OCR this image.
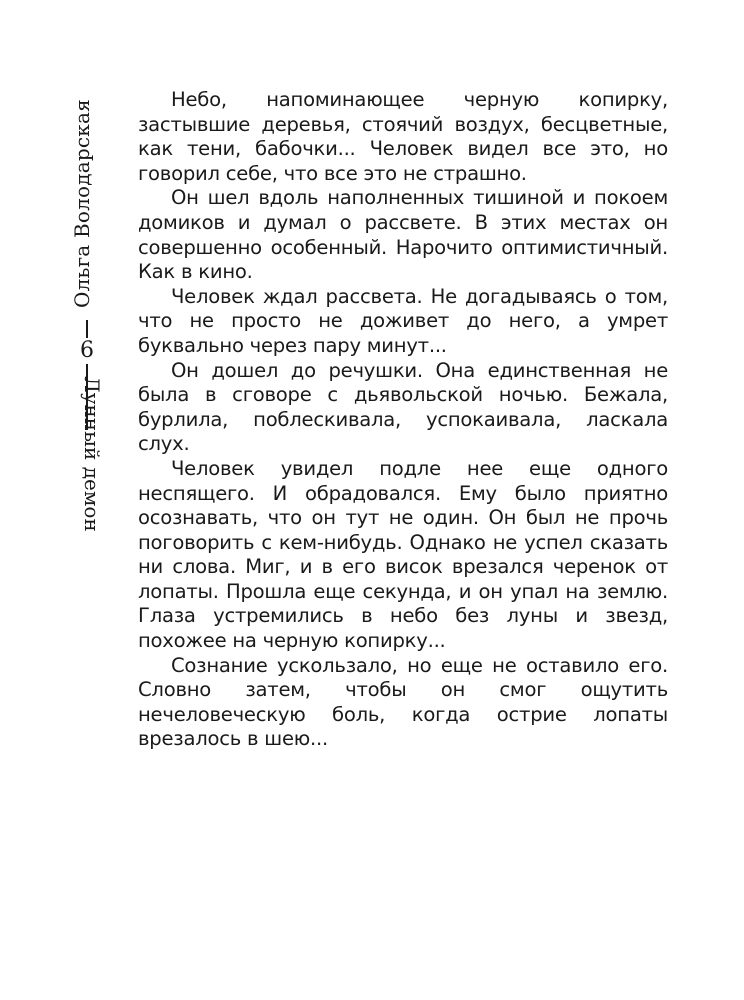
Ольга Володарская
6
Лунный демон

Небо, напоминающее черную копирку, застывшие деревья, стоячий воздух, бесцветные, как тени, бабочки... Человек видел все это, но говорил себе, что все это не страшно.

Он шел вдоль наполненных тишиной и покоем домиков и думал о рассвете. В этих местах он совершенно особенный. Нарочито оптимистичный. Как в кино.

Человек ждал рассвета. Не догадываясь о том, что не просто не доживет до него, а умрет буквально через пару минут...

Он дошел до речушки. Она единственная не была в сговоре с дьявольской ночью. Бежала, бурлила, поблескивала, успокаивала, ласкала слух.

Человек увидел подле нее еще одного неспящего. И обрадовался. Ему было приятно осознавать, что он тут не один. Он был не прочь поговорить с кем-нибудь. Однако не успел сказать ни слова. Миг, и в его висок врезался черенок от лопаты. Прошла еще секунда, и он упал на землю. Глаза устремились в небо без луны и звезд, похожее на черную копирку...

Сознание ускользало, но еще не оставило его. Словно затем, чтобы он смог ощутить нечеловеческую боль, когда острие лопаты врезалось в шею...
